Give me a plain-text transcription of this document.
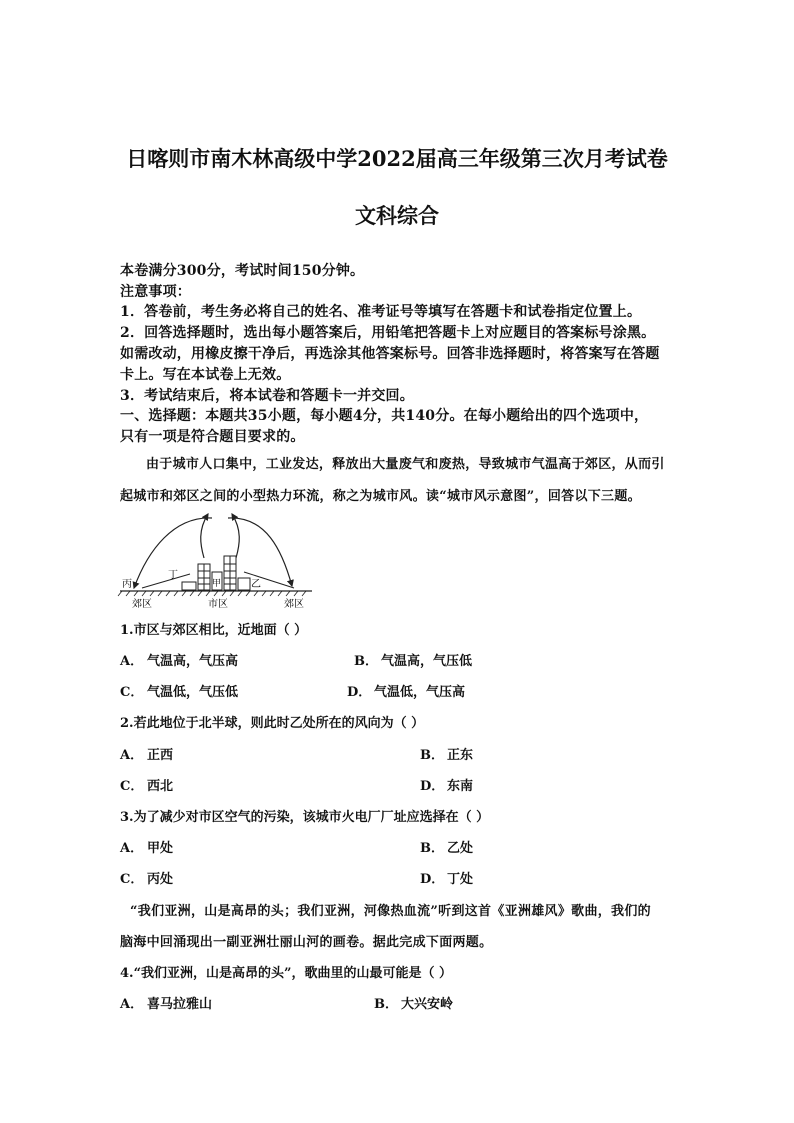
日喀则市南木林高级中学2022届高三年级第三次月考试卷
文科综合
本卷满分300分，考试时间150分钟。
注意事项：
1．答卷前，考生务必将自己的姓名、准考证号等填写在答题卡和试卷指定位置上。
2．回答选择题时，选出每小题答案后，用铅笔把答题卡上对应题目的答案标号涂黑。
如需改动，用橡皮擦干净后，再选涂其他答案标号。回答非选择题时，将答案写在答题
卡上。写在本试卷上无效。
3．考试结束后，将本试卷和答题卡一并交回。
一、选择题：本题共35小题，每小题4分，共140分。在每小题给出的四个选项中，
只有一项是符合题目要求的。
由于城市人口集中，工业发达，释放出大量废气和废热，导致城市气温高于郊区，从而引
起城市和郊区之间的小型热力环流，称之为城市风。读“城市风示意图”，回答以下三题。
丙
丁
甲	乙
郊区	市区	郊区
1.市区与郊区相比，近地面（ ）
A． 气温高，气压高	B． 气温高，气压低
C． 气温低，气压低	D． 气温低，气压高
2.若此地位于北半球，则此时乙处所在的风向为（ ）
A． 正西	B． 正东
C． 西北	D． 东南
3.为了减少对市区空气的污染，该城市火电厂厂址应选择在（ ）
A． 甲处	B． 乙处
C． 丙处	D． 丁处
“我们亚洲，山是高昂的头；我们亚洲，河像热血流”听到这首《亚洲雄风》歌曲，我们的
脑海中回涌现出一副亚洲壮丽山河的画卷。据此完成下面两题。
4.“我们亚洲，山是高昂的头”，歌曲里的山最可能是（ ）
A． 喜马拉雅山	B． 大兴安岭
